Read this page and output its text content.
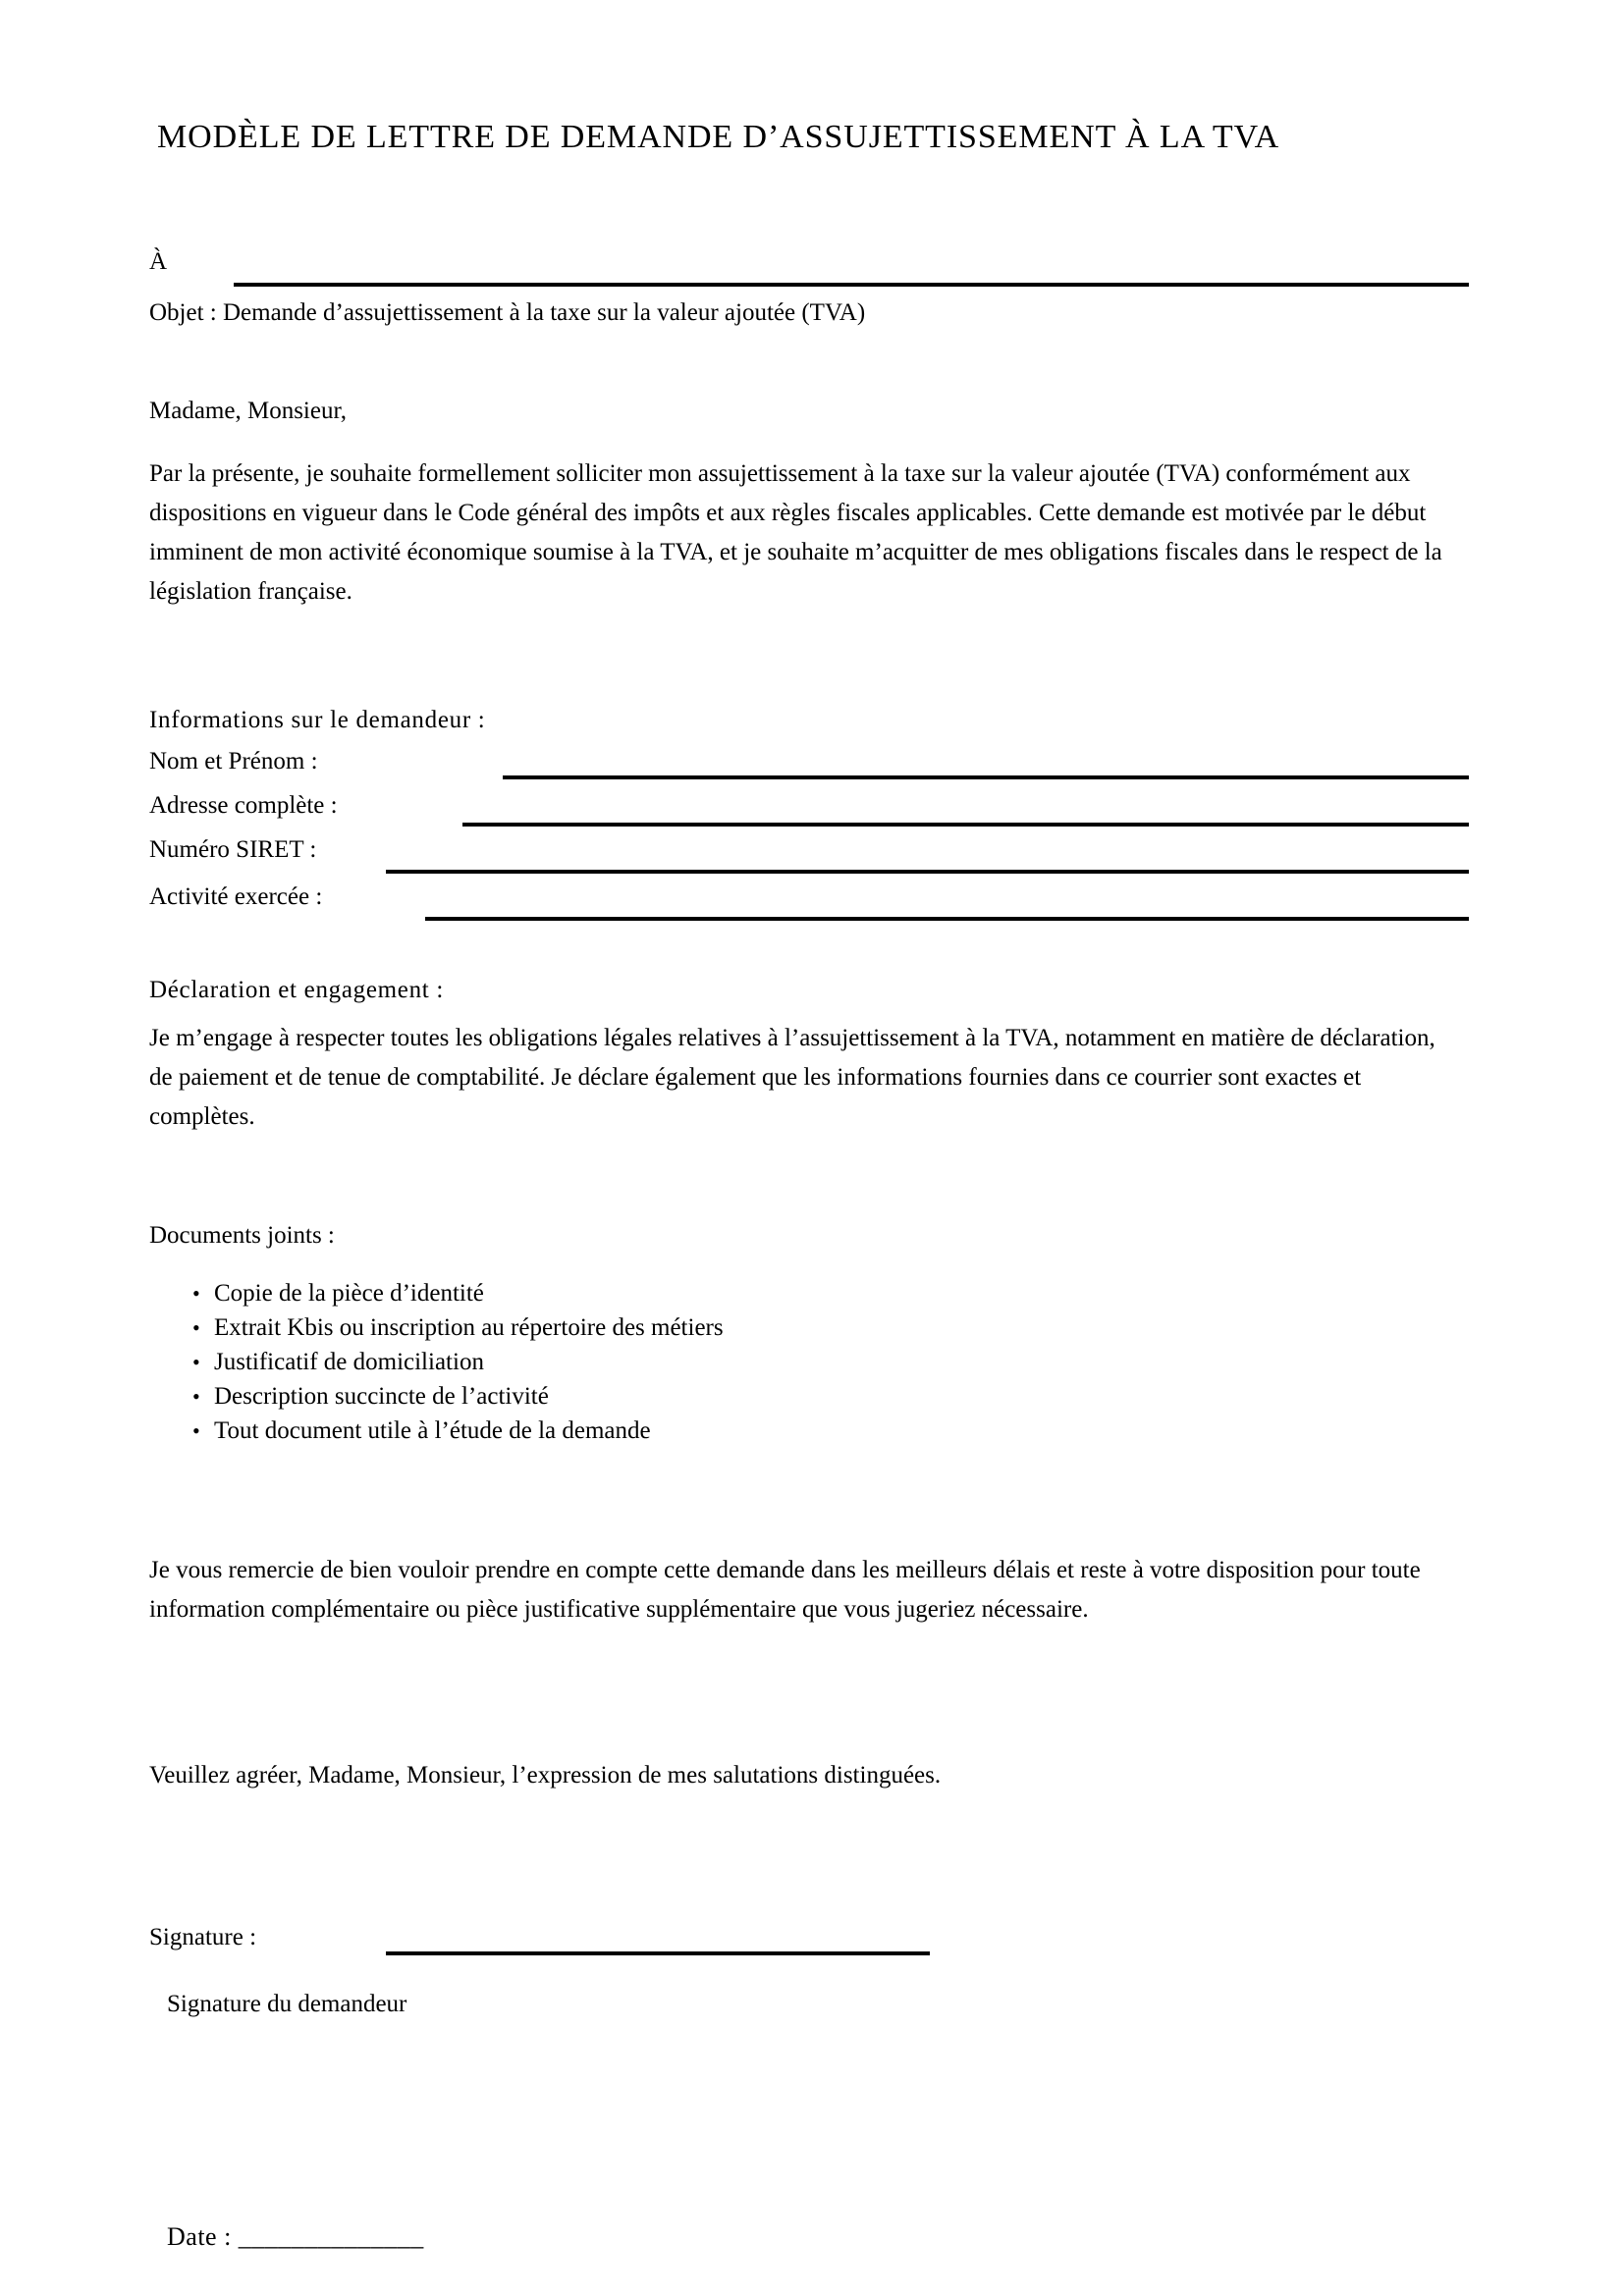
MODÈLE DE LETTRE DE DEMANDE D’ASSUJETTISSEMENT À LA TVA
À
Objet : Demande d’assujettissement à la taxe sur la valeur ajoutée (TVA)
Madame, Monsieur,
Par la présente, je souhaite formellement solliciter mon assujettissement à la taxe sur la valeur ajoutée (TVA) conformément aux dispositions en vigueur dans le Code général des impôts et aux règles fiscales applicables. Cette demande est motivée par le début imminent de mon activité économique soumise à la TVA, et je souhaite m’acquitter de mes obligations fiscales dans le respect de la législation française.
Informations sur le demandeur :
Nom et Prénom :
Adresse complète :
Numéro SIRET :
Activité exercée :
Déclaration et engagement :
Je m’engage à respecter toutes les obligations légales relatives à l’assujettissement à la TVA, notamment en matière de déclaration, de paiement et de tenue de comptabilité. Je déclare également que les informations fournies dans ce courrier sont exactes et complètes.
Documents joints :
• Copie de la pièce d’identité
• Extrait Kbis ou inscription au répertoire des métiers
• Justificatif de domiciliation
• Description succincte de l’activité
• Tout document utile à l’étude de la demande
Je vous remercie de bien vouloir prendre en compte cette demande dans les meilleurs délais et reste à votre disposition pour toute information complémentaire ou pièce justificative supplémentaire que vous jugeriez nécessaire.
Veuillez agréer, Madame, Monsieur, l’expression de mes salutations distinguées.
Signature :
Signature du demandeur
Date : ______________
